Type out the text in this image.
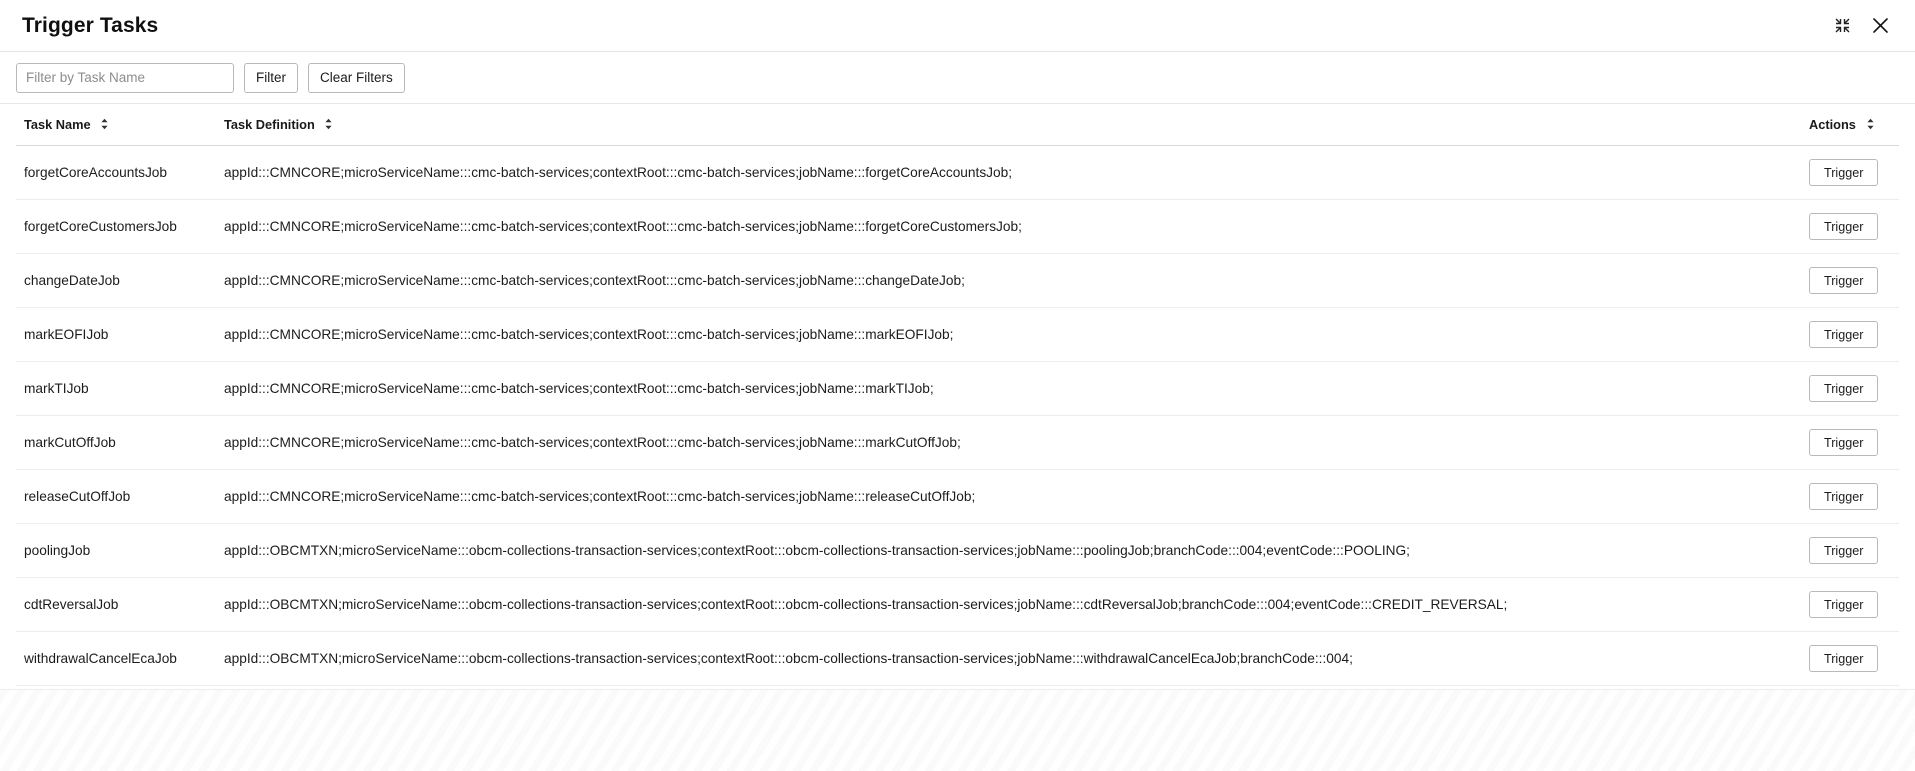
Trigger Tasks
Filter by Task Name
Filter	Clear Filters
Task Name	Task Definition	Actions
forgetCoreAccountsJob	appId:::CMNCORE;microServiceName:::cmc-batch-services;contextRoot:::cmc-batch-services;jobName:::forgetCoreAccountsJob;	Trigger
forgetCoreCustomersJob	appId:::CMNCORE;microServiceName:::cmc-batch-services;contextRoot:::cmc-batch-services;jobName:::forgetCoreCustomersJob;	Trigger
changeDateJob	appId:::CMNCORE;microServiceName:::cmc-batch-services;contextRoot:::cmc-batch-services;jobName:::changeDateJob;	Trigger
markEOFIJob	appId:::CMNCORE;microServiceName:::cmc-batch-services;contextRoot:::cmc-batch-services;jobName:::markEOFIJob;	Trigger
markTIJob	appId:::CMNCORE;microServiceName:::cmc-batch-services;contextRoot:::cmc-batch-services;jobName:::markTIJob;	Trigger
markCutOffJob	appId:::CMNCORE;microServiceName:::cmc-batch-services;contextRoot:::cmc-batch-services;jobName:::markCutOffJob;	Trigger
releaseCutOffJob	appId:::CMNCORE;microServiceName:::cmc-batch-services;contextRoot:::cmc-batch-services;jobName:::releaseCutOffJob;	Trigger
poolingJob	appId:::OBCMTXN;microServiceName:::obcm-collections-transaction-services;contextRoot:::obcm-collections-transaction-services;jobName:::poolingJob;branchCode:::004;eventCode:::POOLING;	Trigger
cdtReversalJob	appId:::OBCMTXN;microServiceName:::obcm-collections-transaction-services;contextRoot:::obcm-collections-transaction-services;jobName:::cdtReversalJob;branchCode:::004;eventCode:::CREDIT_REVERSAL;	Trigger
withdrawalCancelEcaJob	appId:::OBCMTXN;microServiceName:::obcm-collections-transaction-services;contextRoot:::obcm-collections-transaction-services;jobName:::withdrawalCancelEcaJob;branchCode:::004;	Trigger
1
